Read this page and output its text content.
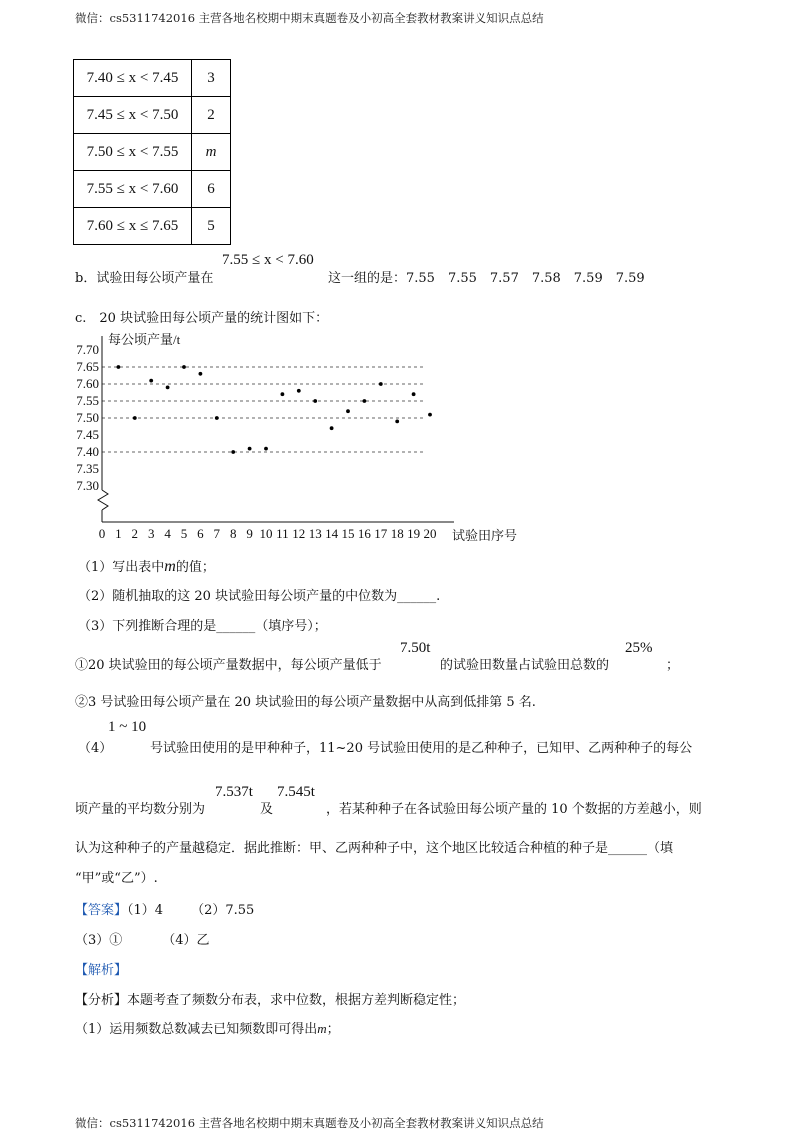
微信：cs5311742016 主营各地名校期中期末真题卷及小初高全套教材教案讲义知识点总结
7.40 ≤ x < 7.45	3
7.45 ≤ x < 7.50	2
7.50 ≤ x < 7.55	m
7.55 ≤ x < 7.60	6
7.60 ≤ x ≤ 7.65	5
b．试验田每公顷产量在
7.55 ≤ x < 7.60
这一组的是：7.55　7.55　7.57　7.58　7.59　7.59
c.　20 块试验田每公顷产量的统计图如下：
7.70
7.65
7.60
7.55
7.50
7.45
7.40
7.35
7.30
0 1 2 3 4 5 6 7 8 9 10 11 12 13 14 15 16 17 18 19 20
每公顷产量/t
试验田序号
（1）写出表中m的值；
（2）随机抽取的这 20 块试验田每公顷产量的中位数为______.
（3）下列推断合理的是______（填序号）；
①20 块试验田的每公顷产量数据中，每公顷产量低于
7.50t
的试验田数量占试验田总数的
25%
；
②3 号试验田每公顷产量在 20 块试验田的每公顷产量数据中从高到低排第 5 名.
（4）
1 ~ 10
号试验田使用的是甲种种子，11~20 号试验田使用的是乙种种子，已知甲、乙两种种子的每公
顷产量的平均数分别为
7.537t
及
7.545t
，若某种种子在各试验田每公顷产量的 10 个数据的方差越小，则
认为这种种子的产量越稳定．据此推断：甲、乙两种种子中，这个地区比较适合种植的种子是______（填
“甲”或“乙”）.
【答案】（1）4 （2）7.55
（3）①	（4）乙
【解析】
【分析】本题考查了频数分布表，求中位数，根据方差判断稳定性；
（1）运用频数总数减去已知频数即可得出m；
微信：cs5311742016 主营各地名校期中期末真题卷及小初高全套教材教案讲义知识点总结
